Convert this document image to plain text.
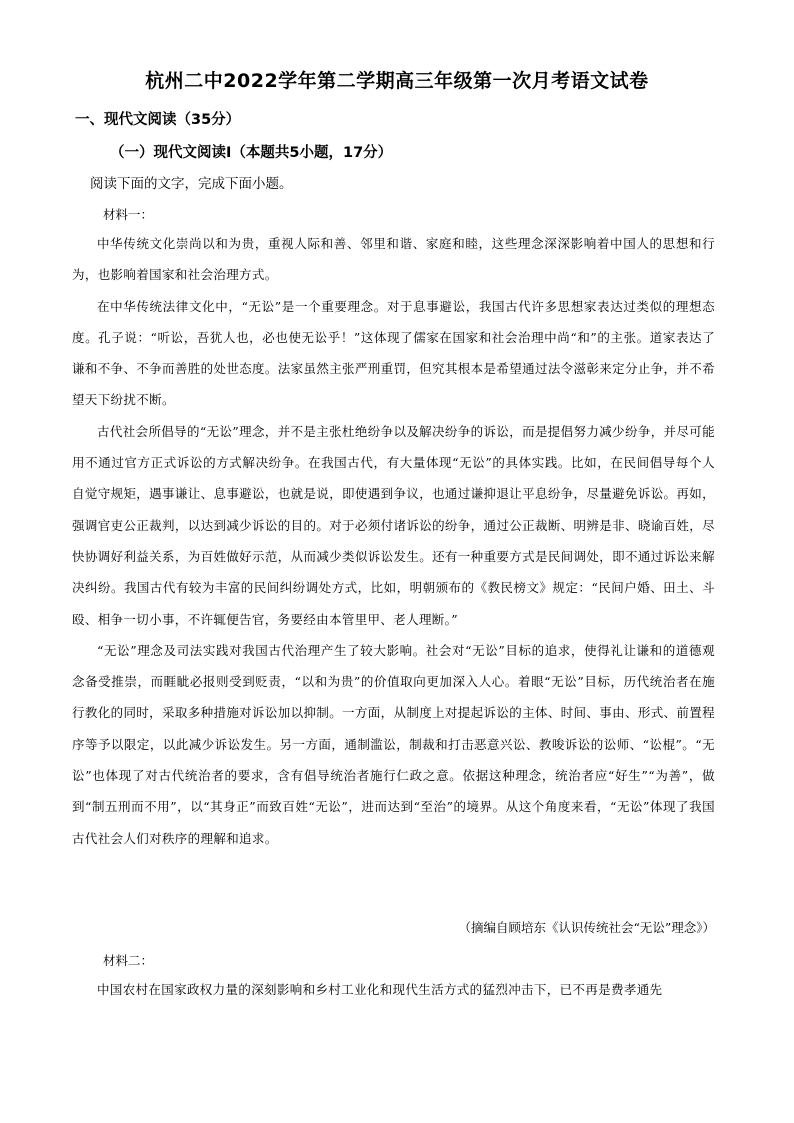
杭州二中2022学年第二学期高三年级第一次月考语文试卷
一、现代文阅读（35分）
（一）现代文阅读Ⅰ（本题共5小题，17分）
阅读下面的文字，完成下面小题。
材料一：

中华传统文化崇尚以和为贵，重视人际和善、邻里和谐、家庭和睦，这些理念深深影响着中国人的思想和行为，也影响着国家和社会治理方式。

在中华传统法律文化中，“无讼”是一个重要理念。对于息事避讼，我国古代许多思想家表达过类似的理想态度。孔子说：“听讼，吾犹人也，必也使无讼乎！”这体现了儒家在国家和社会治理中尚“和”的主张。道家表达了谦和不争、不争而善胜的处世态度。法家虽然主张严刑重罚，但究其根本是希望通过法令滋彰来定分止争，并不希望天下纷扰不断。

古代社会所倡导的“无讼”理念，并不是主张杜绝纷争以及解决纷争的诉讼，而是提倡努力减少纷争，并尽可能用不通过官方正式诉讼的方式解决纷争。在我国古代，有大量体现“无讼”的具体实践。比如，在民间倡导每个人自觉守规矩，遇事谦让、息事避讼，也就是说，即使遇到争议，也通过谦抑退让平息纷争，尽量避免诉讼。再如，强调官吏公正裁判，以达到减少诉讼的目的。对于必须付诸诉讼的纷争，通过公正裁断、明辨是非、晓谕百姓，尽快协调好利益关系，为百姓做好示范，从而减少类似诉讼发生。还有一种重要方式是民间调处，即不通过诉讼来解决纠纷。我国古代有较为丰富的民间纠纷调处方式，比如，明朝颁布的《教民榜文》规定：“民间户婚、田土、斗殴、相争一切小事，不许辄便告官，务要经由本管里甲、老人理断。”

“无讼”理念及司法实践对我国古代治理产生了较大影响。社会对“无讼”目标的追求，使得礼让谦和的道德观念备受推崇，而睚眦必报则受到贬责，“以和为贵”的价值取向更加深入人心。着眼“无讼”目标，历代统治者在施行教化的同时，采取多种措施对诉讼加以抑制。一方面，从制度上对提起诉讼的主体、时间、事由、形式、前置程序等予以限定，以此减少诉讼发生。另一方面，通制滥讼，制裁和打击恶意兴讼、教唆诉讼的讼师、“讼棍”。“无讼”也体现了对古代统治者的要求，含有倡导统治者施行仁政之意。依据这种理念，统治者应“好生”“为善”，做到“制五刑而不用”，以“其身正”而致百姓“无讼”，进而达到“至治”的境界。从这个角度来看，“无讼”体现了我国古代社会人们对秩序的理解和追求。

（摘编自顾培东《认识传统社会“无讼”理念》）
材料二：

中国农村在国家政权力量的深刻影响和乡村工业化和现代生活方式的猛烈冲击下，已不再是费孝通先
